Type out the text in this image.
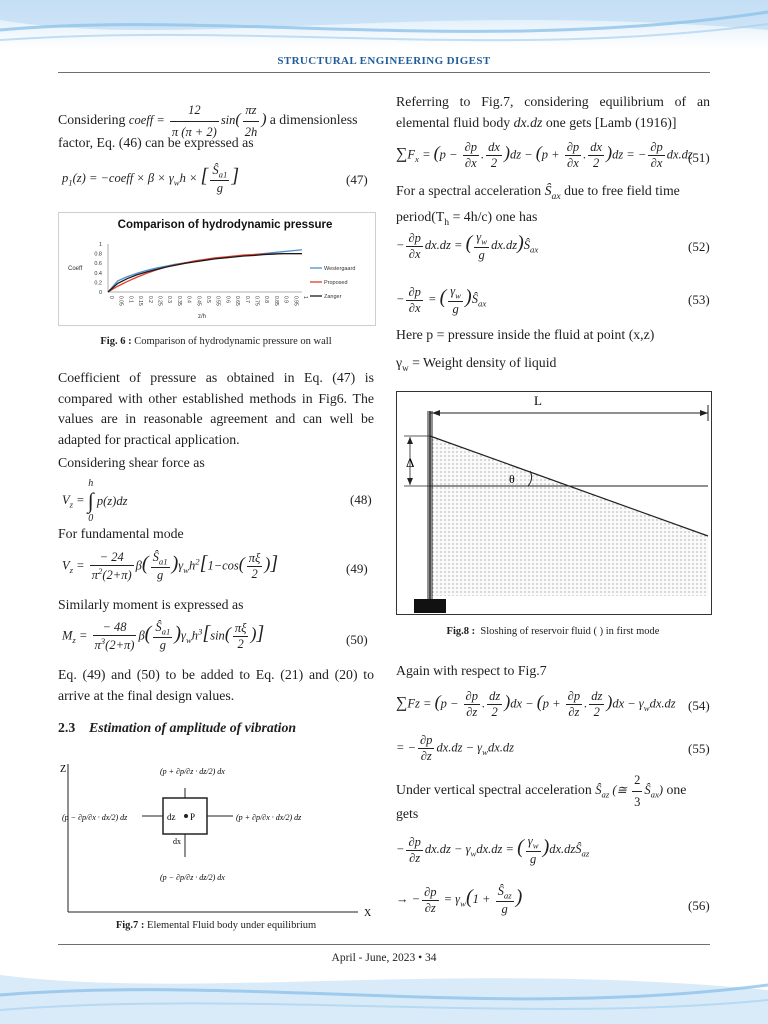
STRUCTURAL ENGINEERING DIGEST
Considering coeff = $\frac{12}{\pi (\pi + 2)} \sin( \frac{\pi z}{2h}$ ) a dimensionless
factor, Eq. (46) can be expressed as
$p_1(z)$ = −coeff × $\beta \times \gamma_wh$ × [ $\frac{Ŝ_{a1}}{g}$ ]	(47)
Comparison of hydrodynamic pressure
1
0.8
0.6
0.4
0.2
0
0 0.05 0.1 0.15 0.2 0.25 0.3 0.35 0.4 0.45 0.5 0.55 0.6 0.65 0.7 0.75 0.8 0.85 0.9 0.95 1
Coeff
z/h
Westergaard
Proposed
Zanger
Fig. 6 : Comparison of hydrodynamic pressure on wall
Coefficient of pressure as obtained in Eq. (47) is compared with other established methods in Fig6. The values are in reasonable agreement and can well be adapted for practical application.
Considering shear force as
$V_z = h$
∫
0 p(z)dz	(48)
For fundamental mode
$V_z = \frac{- 24}{\pi^2(2+\pi)} \beta( \frac{Ŝ_{a1}}{g} )\gamma_wh^2[1-\cos( \frac{\pi\xi}{2}$ )]	(49)
Similarly moment is expressed as
$M_z = \frac{- 48}{\pi^3(2+\pi)} \beta( \frac{Ŝ_{a1}}{g} )\gamma_wh^3[\sin( \frac{\pi\xi}{2}$ )]	(50)
Eq. (49) and (50) to be added to Eq. (21) and (20) to arrive at the final design values.
2.3 Estimation of amplitude of vibration
dz P
dx
(p + ∂p/∂z · dz/2) dx
(p − ∂p/∂z · dz/2) dx
(p − ∂p/∂x · dx/2) dz	(p + ∂p/∂x · dx/2) dz
Z
X
Fig.7 : Elemental Fluid body under equilibrium
Referring to Fig.7, considering equilibrium of an elemental fluid body dx.dz one gets [Lamb (1916)]
$\sum F_x = (p - \frac{\partial p}{\partial x}$ . $\frac{dx}{2} )dz - (p + \frac{\partial p}{\partial x}$ . $\frac{dx}{2} )dz$ = − $\frac{\partial p}{\partial x} dx.dz$
(51)
For a spectral acceleration $Ŝ_{ax}$ due to free field time $period(T_h = 4h/c)$ one has
− $\frac{\partial p}{\partial x} dx.dz$ = ( $\frac{\gamma_w}{g}$ $dx.dz)Ŝ_{ax}$	(52)
− $\frac{\partial p}{\partial x}$ = ( $\frac{\gamma_w}{g}$ )$Ŝ_{ax}$	(53)
Here p = pressure inside the fluid at point (x,z)
$\gamma_w$ = Weight density of liquid
L
Δ
θ
Fig.8 : Sloshing of reservoir fluid ( ) in first mode
Again with respect to Fig.7
$\sum Fz = (p - \frac{\partial p}{\partial z}$ . $\frac{dz}{2} )dx - (p + \frac{\partial p}{\partial z}$ . $\frac{dz}{2} )dx - \gamma_wdx.dz$ (54)
= − $\frac{\partial p}{\partial z} dx.dz - \gamma_wdx.dz$	(55)
Under vertical spectral acceleration $Ŝ_{az}$ (≅ $\frac{2}{3}$ $Ŝ_{ax}$) one
gets
− $\frac{\partial p}{\partial z} dx.dz - \gamma_wdx.dz$ = ( $\frac{\gamma_w}{g}$ )dx.dzŜ$_{az}$
→ − $\frac{\partial p}{\partial z} = \gamma_w(1 + \frac{Ŝ_{az}}{g}$ )	(56)
April - June, 2023 • 34
